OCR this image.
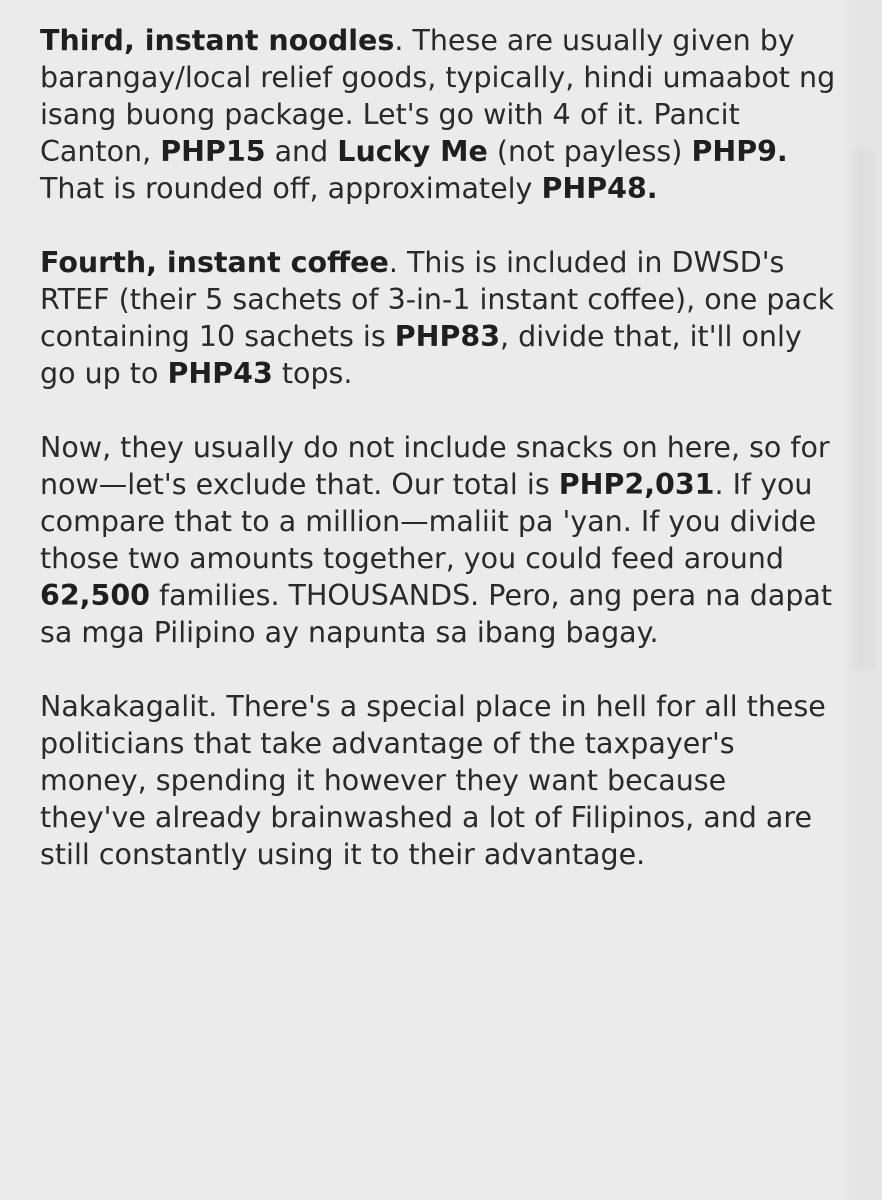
Third, instant noodles. These are usually given by barangay/local relief goods, typically, hindi umaabot ng isang buong package. Let's go with 4 of it. Pancit Canton, PHP15 and Lucky Me (not payless) PHP9. That is rounded off, approximately PHP48.

Fourth, instant coffee. This is included in DWSD's RTEF (their 5 sachets of 3-in-1 instant coffee), one pack containing 10 sachets is PHP83, divide that, it'll only go up to PHP43 tops.

Now, they usually do not include snacks on here, so for now—let's exclude that. Our total is PHP2,031. If you compare that to a million—maliit pa 'yan. If you divide those two amounts together, you could feed around 62,500 families. THOUSANDS. Pero, ang pera na dapat sa mga Pilipino ay napunta sa ibang bagay.

Nakakagalit. There's a special place in hell for all these politicians that take advantage of the taxpayer's money, spending it however they want because they've already brainwashed a lot of Filipinos, and are still constantly using it to their advantage.
